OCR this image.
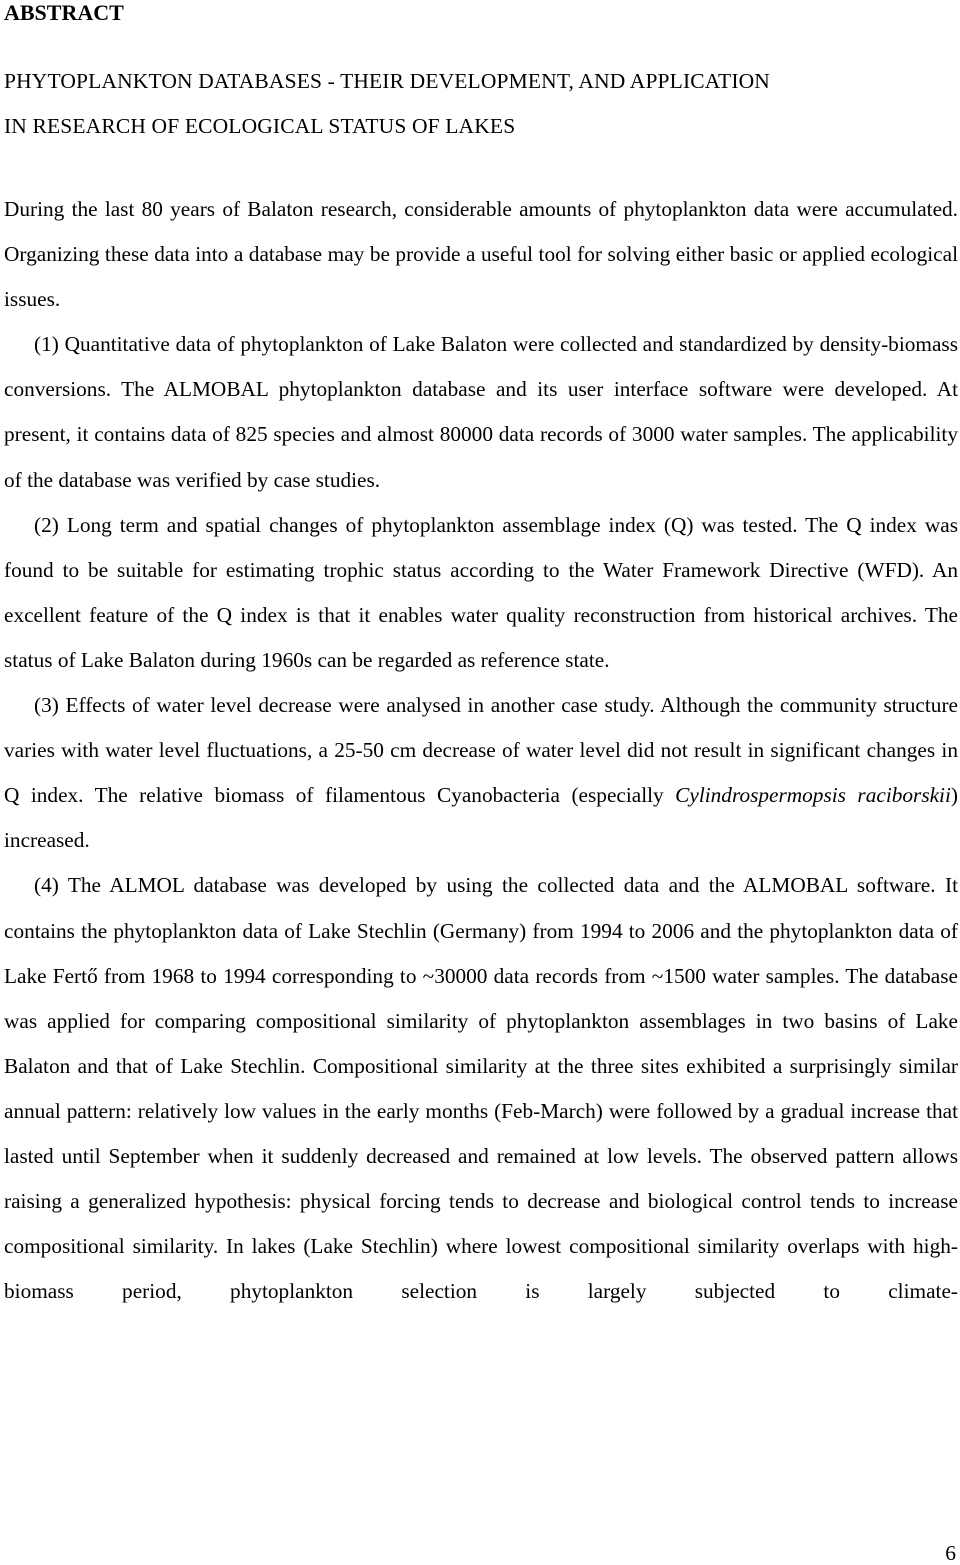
ABSTRACT
PHYTOPLANKTON DATABASES - THEIR DEVELOPMENT, AND APPLICATION
IN RESEARCH OF ECOLOGICAL STATUS OF LAKES

During the last 80 years of Balaton research, considerable amounts of phytoplankton data were accumulated. Organizing these data into a database may be provide a useful tool for solving either basic or applied ecological issues.

(1) Quantitative data of phytoplankton of Lake Balaton were collected and standardized by density-biomass conversions. The ALMOBAL phytoplankton database and its user interface software were developed. At present, it contains data of 825 species and almost 80000 data records of 3000 water samples. The applicability of the database was verified by case studies.

(2) Long term and spatial changes of phytoplankton assemblage index (Q) was tested. The Q index was found to be suitable for estimating trophic status according to the Water Framework Directive (WFD). An excellent feature of the Q index is that it enables water quality reconstruction from historical archives. The status of Lake Balaton during 1960s can be regarded as reference state.

(3) Effects of water level decrease were analysed in another case study. Although the community structure varies with water level fluctuations, a 25-50 cm decrease of water level did not result in significant changes in Q index. The relative biomass of filamentous Cyanobacteria (especially Cylindrospermopsis raciborskii) increased.

(4) The ALMOL database was developed by using the collected data and the ALMOBAL software. It contains the phytoplankton data of Lake Stechlin (Germany) from 1994 to 2006 and the phytoplankton data of Lake Fertő from 1968 to 1994 corresponding to ~30000 data records from ~1500 water samples. The database was applied for comparing compositional similarity of phytoplankton assemblages in two basins of Lake Balaton and that of Lake Stechlin. Compositional similarity at the three sites exhibited a surprisingly similar annual pattern: relatively low values in the early months (Feb-March) were followed by a gradual increase that lasted until September when it suddenly decreased and remained at low levels. The observed pattern allows raising a generalized hypothesis: physical forcing tends to decrease and biological control tends to increase compositional similarity. In lakes (Lake Stechlin) where lowest compositional similarity overlaps with high-biomass period, phytoplankton selection is largely subjected to climate-

6
